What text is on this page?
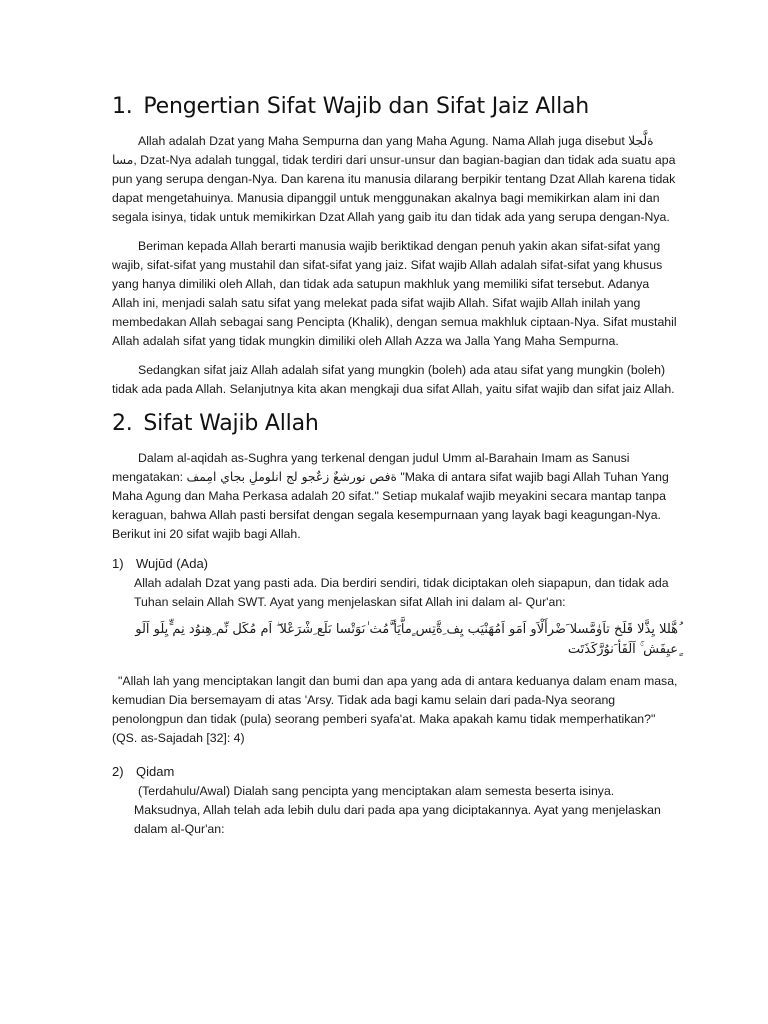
1. Pengertian Sifat Wajib dan Sifat Jaiz Allah

Allah adalah Dzat yang Maha Sempurna dan yang Maha Agung. Nama Allah juga disebut ةلَّجلا مسا, Dzat-Nya adalah tunggal, tidak terdiri dari unsur-unsur dan bagian-bagian dan tidak ada suatu apa pun yang serupa dengan-Nya. Dan karena itu manusia dilarang berpikir tentang Dzat Allah karena tidak dapat mengetahuinya. Manusia dipanggil untuk menggunakan akalnya bagi memikirkan alam ini dan segala isinya, tidak untuk memikirkan Dzat Allah yang gaib itu dan tidak ada yang serupa dengan-Nya.

Beriman kepada Allah berarti manusia wajib beriktikad dengan penuh yakin akan sifat-sifat yang wajib, sifat-sifat yang mustahil dan sifat-sifat yang jaiz. Sifat wajib Allah adalah sifat-sifat yang khusus yang hanya dimiliki oleh Allah, dan tidak ada satupun makhluk yang memiliki sifat tersebut. Adanya Allah ini, menjadi salah satu sifat yang melekat pada sifat wajib Allah. Sifat wajib Allah inilah yang membedakan Allah sebagai sang Pencipta (Khalik), dengan semua makhluk ciptaan-Nya. Sifat mustahil Allah adalah sifat yang tidak mungkin dimiliki oleh Allah Azza wa Jalla Yang Maha Sempurna.

Sedangkan sifat jaiz Allah adalah sifat yang mungkin (boleh) ada atau sifat yang mungkin (boleh) tidak ada pada Allah. Selanjutnya kita akan mengkaji dua sifat Allah, yaitu sifat wajib dan sifat jaiz Allah.

2. Sifat Wajib Allah

Dalam al-aqidah as-Sughra yang terkenal dengan judul Umm al-Barahain Imam as Sanusi mengatakan: ةفص نورشعٌ زعٌجو لج انلوملِ بجاي امِمف "Maka di antara sifat wajib bagi Allah Tuhan Yang Maha Agung dan Maha Perkasa adalah 20 sifat." Setiap mukalaf wajib meyakini secara mantap tanpa keraguan, bahwa Allah pasti bersifat dengan segala kesempurnaan yang layak bagi keagungan-Nya. Berikut ini 20 sifat wajib bagi Allah.

1) Wujūd (Ada)
Allah adalah Dzat yang pasti ada. Dia berdiri sendiri, tidak diciptakan oleh siapapun, dan tidak ada Tuhan selain Allah SWT. Ayat yang menjelaskan sifat Allah ini dalam al- Qur'an:
ُهَّللا يِذَّلا قَلَخ تاَوٰمَّسلا َضْرأَلْاَو اَمَو اَمُهَنْيَب يِف ِةَّتِس ٍماَّيَأ َّمُث ٰىَوَتْسا ىَلَع ِشْرَعْلا ۖ اَم مُكَل نِّم ِهِنوُد نِم ٍّيِلَو اَلَو ٍعيِفَش ۚ اَلَفَأ َنوُرَّكَذَتَت

"Allah lah yang menciptakan langit dan bumi dan apa yang ada di antara keduanya dalam enam masa, kemudian Dia bersemayam di atas 'Arsy. Tidak ada bagi kamu selain dari pada-Nya seorang penolongpun dan tidak (pula) seorang pemberi syafa'at. Maka apakah kamu tidak memperhatikan?" (QS. as-Sajadah [32]: 4)

2) Qidam
(Terdahulu/Awal) Dialah sang pencipta yang menciptakan alam semesta beserta isinya. Maksudnya, Allah telah ada lebih dulu dari pada apa yang diciptakannya. Ayat yang menjelaskan dalam al-Qur'an:
